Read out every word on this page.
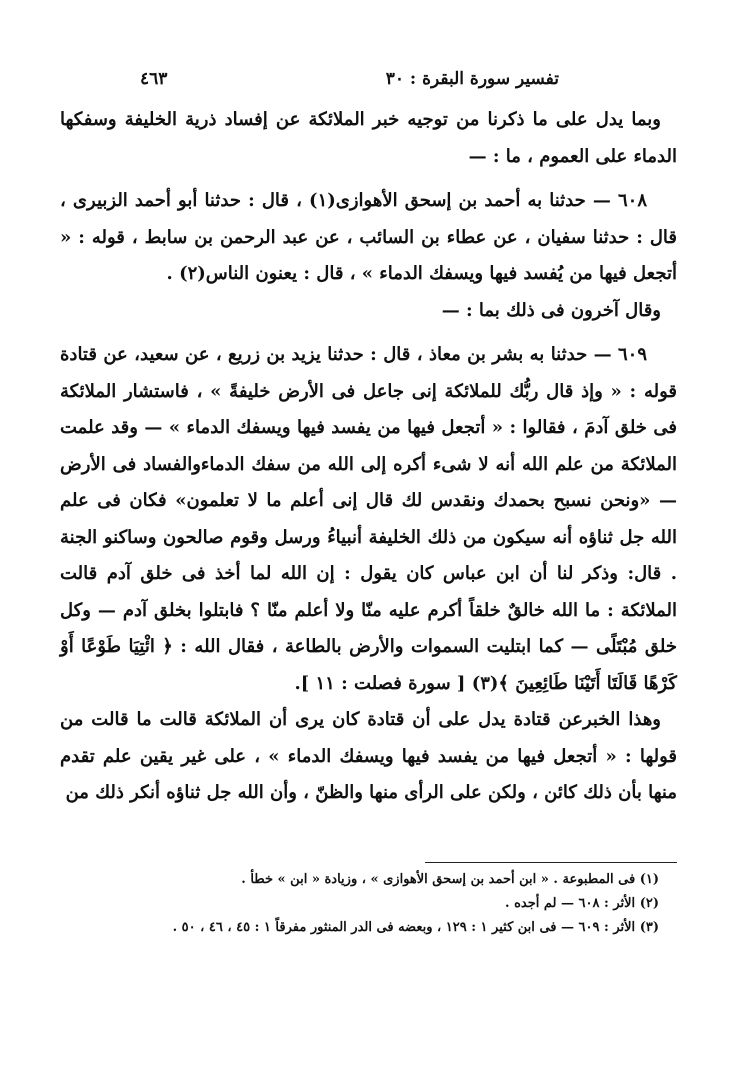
تفسير سورة البقرة : ٣٠
٤٦٣

وبما يدل على ما ذكرنا من توجيه خبر الملائكة عن إفساد ذرية الخليفة وسفكها الدماء على العموم ، ما : —

٦٠٨ — حدثنا به أحمد بن إسحق الأهوازى(١) ، قال : حدثنا أبو أحمد الزبيرى ، قال : حدثنا سفيان ، عن عطاء بن السائب ، عن عبد الرحمن بن سابط ، قوله : « أتجعل فيها من يُفسد فيها ويسفك الدماء » ، قال : يعنون الناس(٢) .

وقال آخرون فى ذلك بما : —

٦٠٩ — حدثنا به بشر بن معاذ ، قال : حدثنا يزيد بن زريع ، عن سعيد، عن قتادة قوله : « وإذ قال ربُّك للملائكة إنى جاعل فى الأرض خليفةً » ، فاستشار الملائكة فى خلق آدمَ ، فقالوا : « أتجعل فيها من يفسد فيها ويسفك الدماء » — وقد علمت الملائكة من علم الله أنه لا شىء أكره إلى الله من سفك الدماءوالفساد فى الأرض— «ونحن نسبح بحمدك ونقدس لك قال إنى أعلم ما لا تعلمون» فكان فى علم الله جل ثناؤه أنه سيكون من ذلك الخليفة أنبياءُ ورسل وقوم صالحون وساكنو الجنة . قال: وذكر لنا أن ابن عباس كان يقول : إن الله لما أخذ فى خلق آدم قالت الملائكة : ما الله خالقٌ خلقاً أكرم عليه منّا ولا أعلم منّا ؟ فابتلوا بخلق آدم — وكل خلق مُبْتَلًى — كما ابتليت السموات والأرض بالطاعة ، فقال الله : ﴿ ائْتِيَا طَوْعًا أَوْ كَرْهًا قَالَتَا أَتَيْنَا طَائِعِينَ ﴾(٣) [ سورة فصلت : ١١ ].

وهذا الخبرعن قتادة يدل على أن قتادة كان يرى أن الملائكة قالت ما قالت من قولها : « أتجعل فيها من يفسد فيها ويسفك الدماء » ، على غير يقين علم تقدم منها بأن ذلك كائن ، ولكن على الرأى منها والظنّ ، وأن الله جل ثناؤه أنكر ذلك من

(١) فى المطبوعة . « ابن أحمد بن إسحق الأهوازى » ، وزيادة « ابن » خطأ .
(٢) الأثر : ٦٠٨ — لم أجده .
(٣) الأثر : ٦٠٩ — فى ابن كثير ١ : ١٢٩ ، وبعضه فى الدر المنثور مفرقاً ١ : ٤٥ ، ٤٦ ، ٥٠ .
